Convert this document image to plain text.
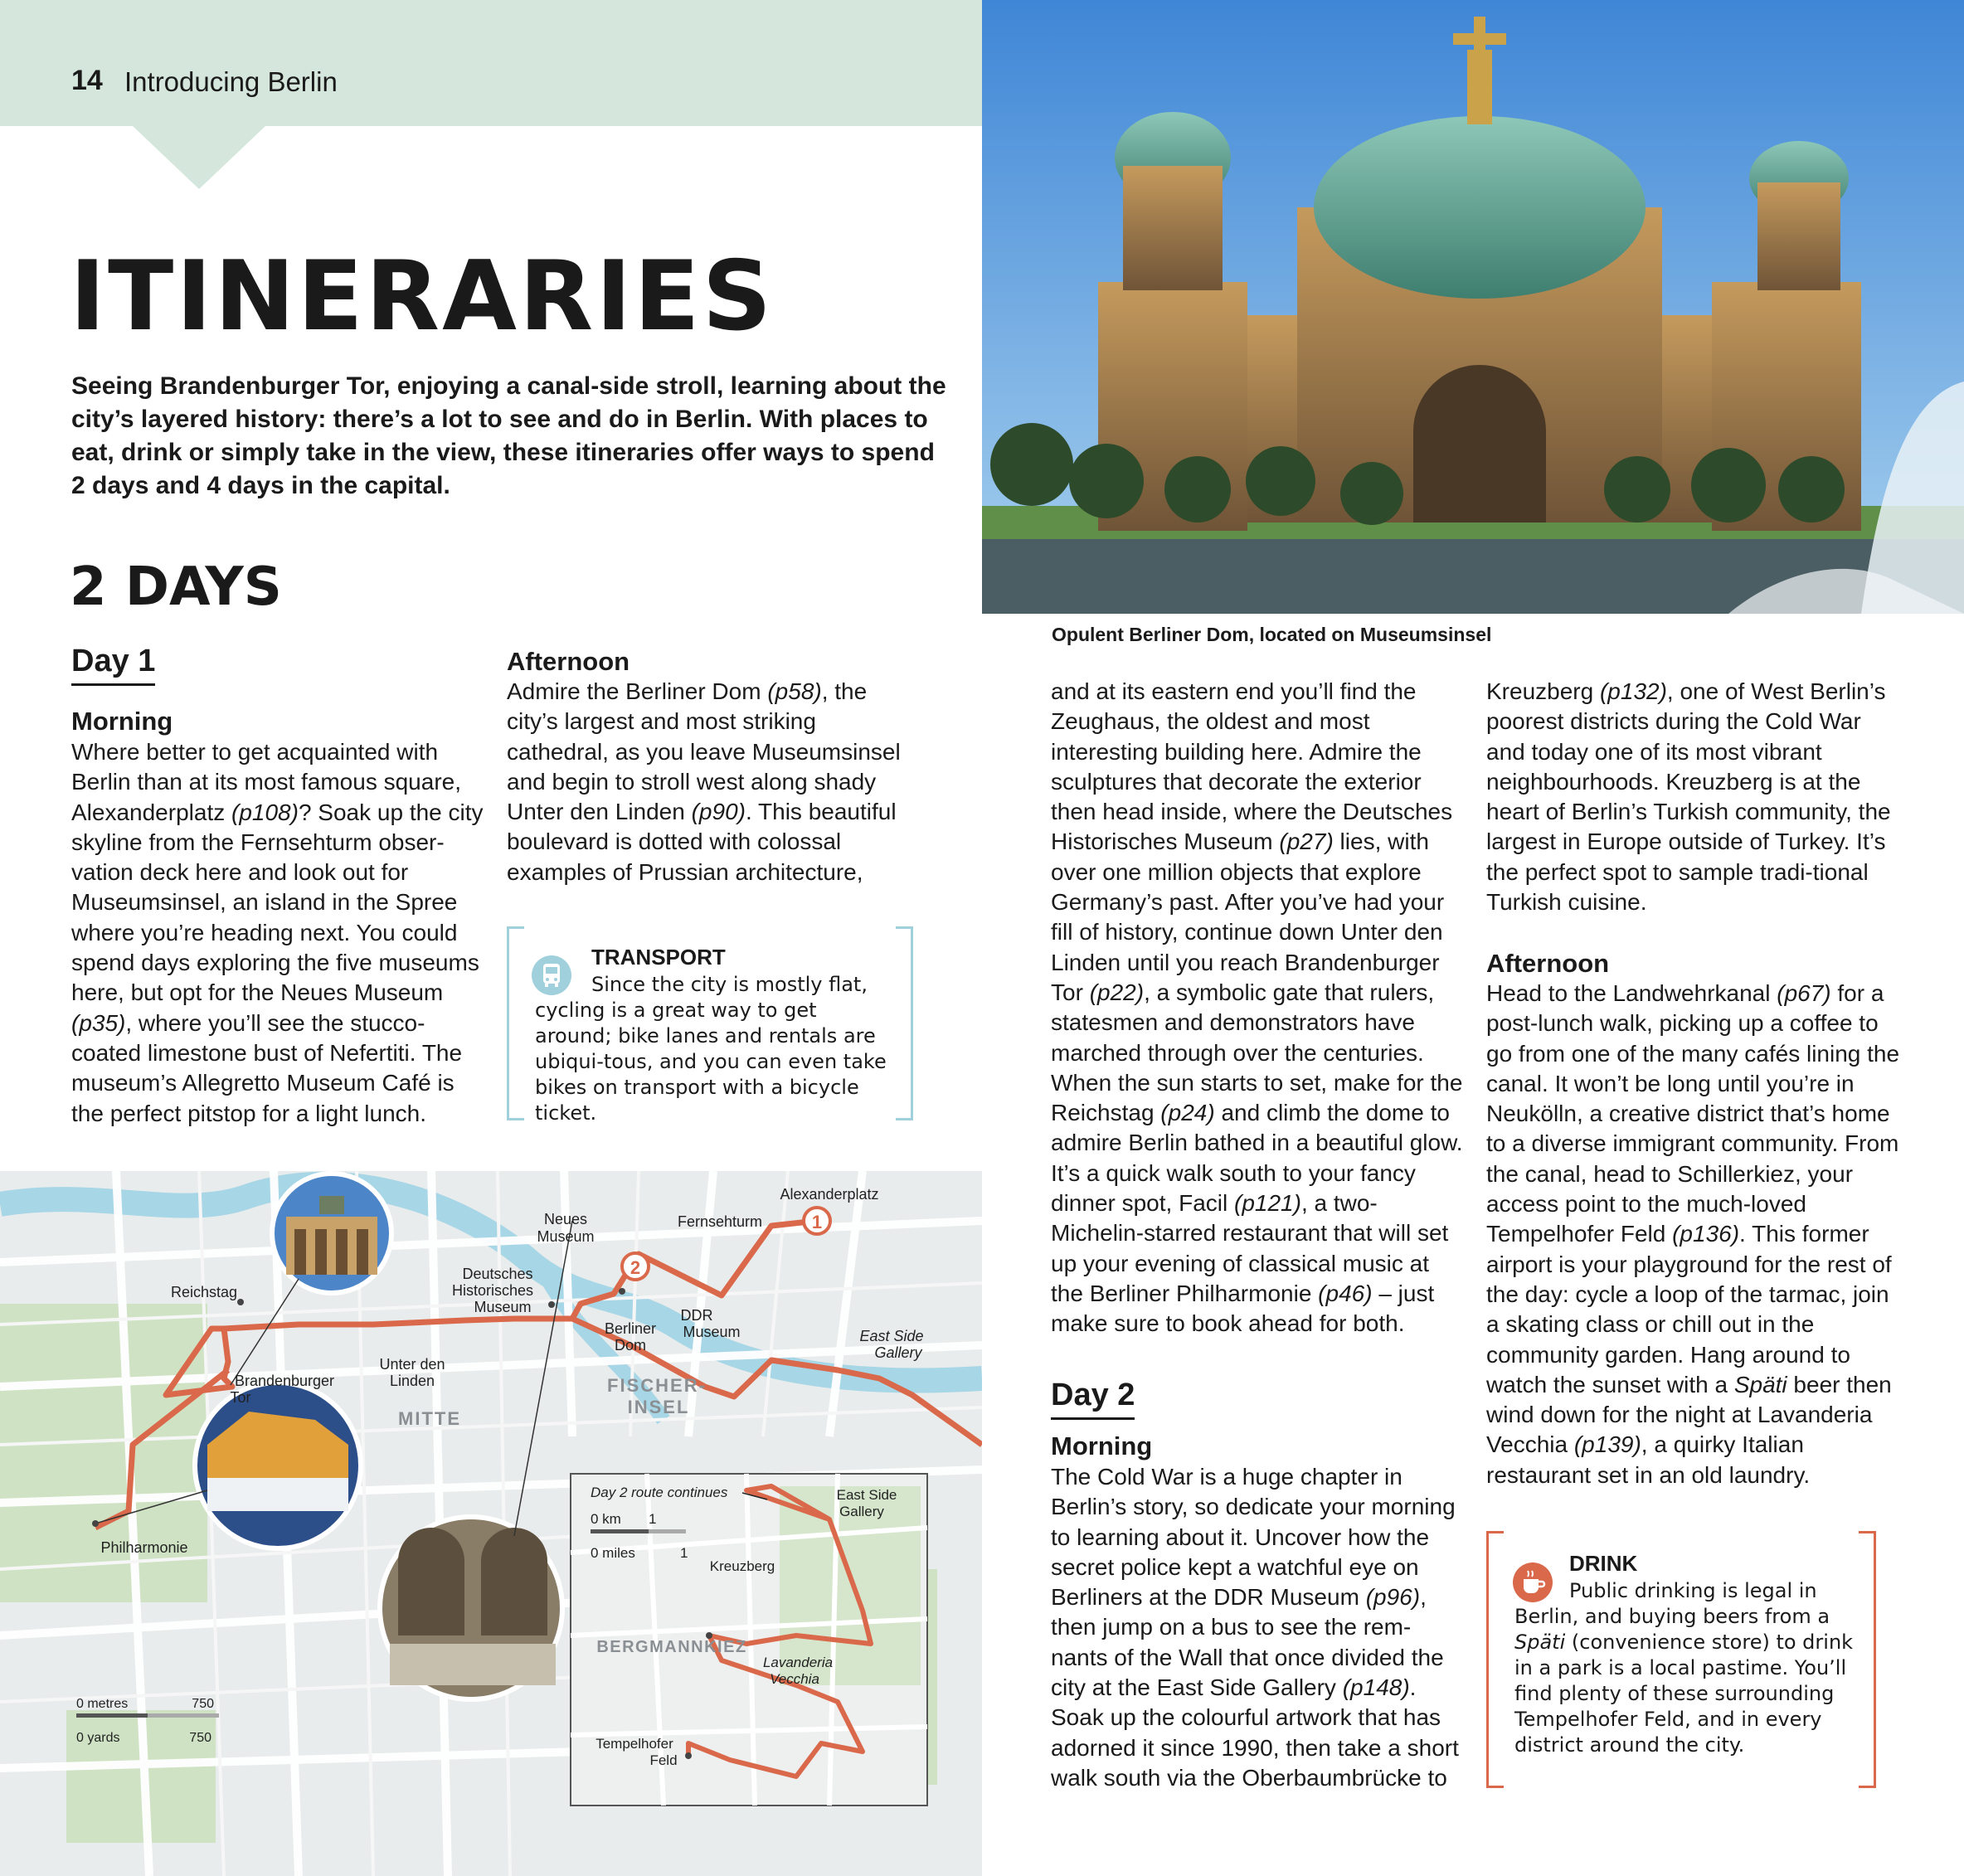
14 Introducing Berlin
ITINERARIES

Seeing Brandenburger Tor, enjoying a canal-side stroll, learning about the city’s layered history: there’s a lot to see and do in Berlin. With places to eat, drink or simply take in the view, these itineraries offer ways to spend 2 days and 4 days in the capital.

2 DAYS
Day 1
Morning

Where better to get acquainted with Berlin than at its most famous square, Alexanderplatz (p108)? Soak up the city skyline from the Fernsehturm obser-vation deck here and look out for Museumsinsel, an island in the Spree where you’re heading next. You could spend days exploring the five museums here, but opt for the Neues Museum (p35), where you’ll see the stucco-coated limestone bust of Nefertiti. The museum’s Allegretto Museum Café is the perfect pitstop for a light lunch.

Afternoon

Admire the Berliner Dom (p58), the city’s largest and most striking cathedral, as you leave Museumsinsel and begin to stroll west along shady Unter den Linden (p90). This beautiful boulevard is dotted with colossal examples of Prussian architecture,

TRANSPORT

Since the city is mostly flat, cycling is a great way to get around; bike lanes and rentals are ubiqui-tous, and you can even take bikes on transport with a bicycle ticket.

Opulent Berliner Dom, located on Museumsinsel

and at its eastern end you’ll find the Zeughaus, the oldest and most interesting building here. Admire the sculptures that decorate the exterior then head inside, where the Deutsches Historisches Museum (p27) lies, with over one million objects that explore Germany’s past. After you’ve had your fill of history, continue down Unter den Linden until you reach Brandenburger Tor (p22), a symbolic gate that rulers, statesmen and demonstrators have marched through over the centuries. When the sun starts to set, make for the Reichstag (p24) and climb the dome to admire Berlin bathed in a beautiful glow. It’s a quick walk south to your fancy dinner spot, Facil (p121), a two-Michelin-starred restaurant that will set up your evening of classical music at the Berliner Philharmonie (p46) – just make sure to book ahead for both.

Day 2
Morning

The Cold War is a huge chapter in Berlin’s story, so dedicate your morning to learning about it. Uncover how the secret police kept a watchful eye on Berliners at the DDR Museum (p96), then jump on a bus to see the rem-nants of the Wall that once divided the city at the East Side Gallery (p148). Soak up the colourful artwork that has adorned it since 1990, then take a short walk south via the Oberbaumbrücke to

Kreuzberg (p132), one of West Berlin’s poorest districts during the Cold War and today one of its most vibrant neighbourhoods. Kreuzberg is at the heart of Berlin’s Turkish community, the largest in Europe outside of Turkey. It’s the perfect spot to sample tradi-tional Turkish cuisine.

Afternoon

Head to the Landwehrkanal (p67) for a post-lunch walk, picking up a coffee to go from one of the many cafés lining the canal. It won’t be long until you’re in Neukölln, a creative district that’s home to a diverse immigrant community. From the canal, head to Schillerkiez, your access point to the much-loved Tempelhofer Feld (p136). This former airport is your playground for the rest of the day: cycle a loop of the tarmac, join a skating class or chill out in the community garden. Hang around to watch the sunset with a Späti beer then wind down for the night at Lavanderia Vecchia (p139), a quirky Italian restaurant set in an old laundry.

DRINK

Public drinking is legal in Berlin, and buying beers from a Späti (convenience store) to drink in a park is a local pastime. You’ll find plenty of these surrounding Tempelhofer Feld, and in every district around the city.

1
2
Alexanderplatz
Fernsehturm
Neues
Museum
Deutsches
Historisches
Museum
Reichstag
Brandenburger
Tor
Unter den
Linden
Berliner
Dom
DDR
Museum	East Side
Gallery
Philharmonie
MITTE
FISCHER-
INSEL
0 metres	750
0 yards	750
Day 2 route continues	East Side
Gallery
0 km 1
0 miles	1
Kreuzberg
Lavanderia
Vecchia
Tempelhofer
Feld
BERGMANNKIEZ
